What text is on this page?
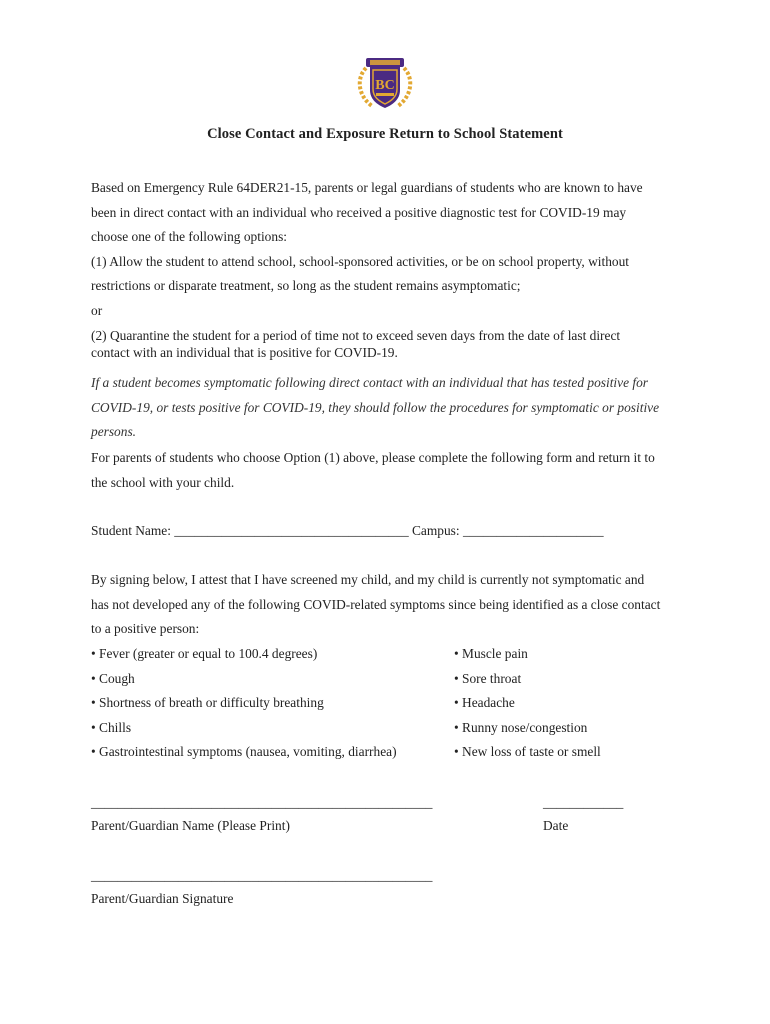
BC
Close Contact and Exposure Return to School Statement
Based on Emergency Rule 64DER21-15, parents or legal guardians of students who are known to have
been in direct contact with an individual who received a positive diagnostic test for COVID-19 may
choose one of the following options:
(1) Allow the student to attend school, school-sponsored activities, or be on school property, without
restrictions or disparate treatment, so long as the student remains asymptomatic;
or
(2) Quarantine the student for a period of time not to exceed seven days from the date of last direct
contact with an individual that is positive for COVID-19.
If a student becomes symptomatic following direct contact with an individual that has tested positive for
COVID-19, or tests positive for COVID-19, they should follow the procedures for symptomatic or positive
persons.
For parents of students who choose Option (1) above, please complete the following form and return it to
the school with your child.
Student Name: ___________________________________ Campus: _____________________
By signing below, I attest that I have screened my child, and my child is currently not symptomatic and
has not developed any of the following COVID-related symptoms since being identified as a close contact
to a positive person:
• Fever (greater or equal to 100.4 degrees)
• Cough
• Shortness of breath or difficulty breathing
• Chills
• Gastrointestinal symptoms (nausea, vomiting, diarrhea)
• Muscle pain
• Sore throat
• Headache
• Runny nose/congestion
• New loss of taste or smell
___________________________________________________	____________
Parent/Guardian Name (Please Print)	Date
___________________________________________________
Parent/Guardian Signature
